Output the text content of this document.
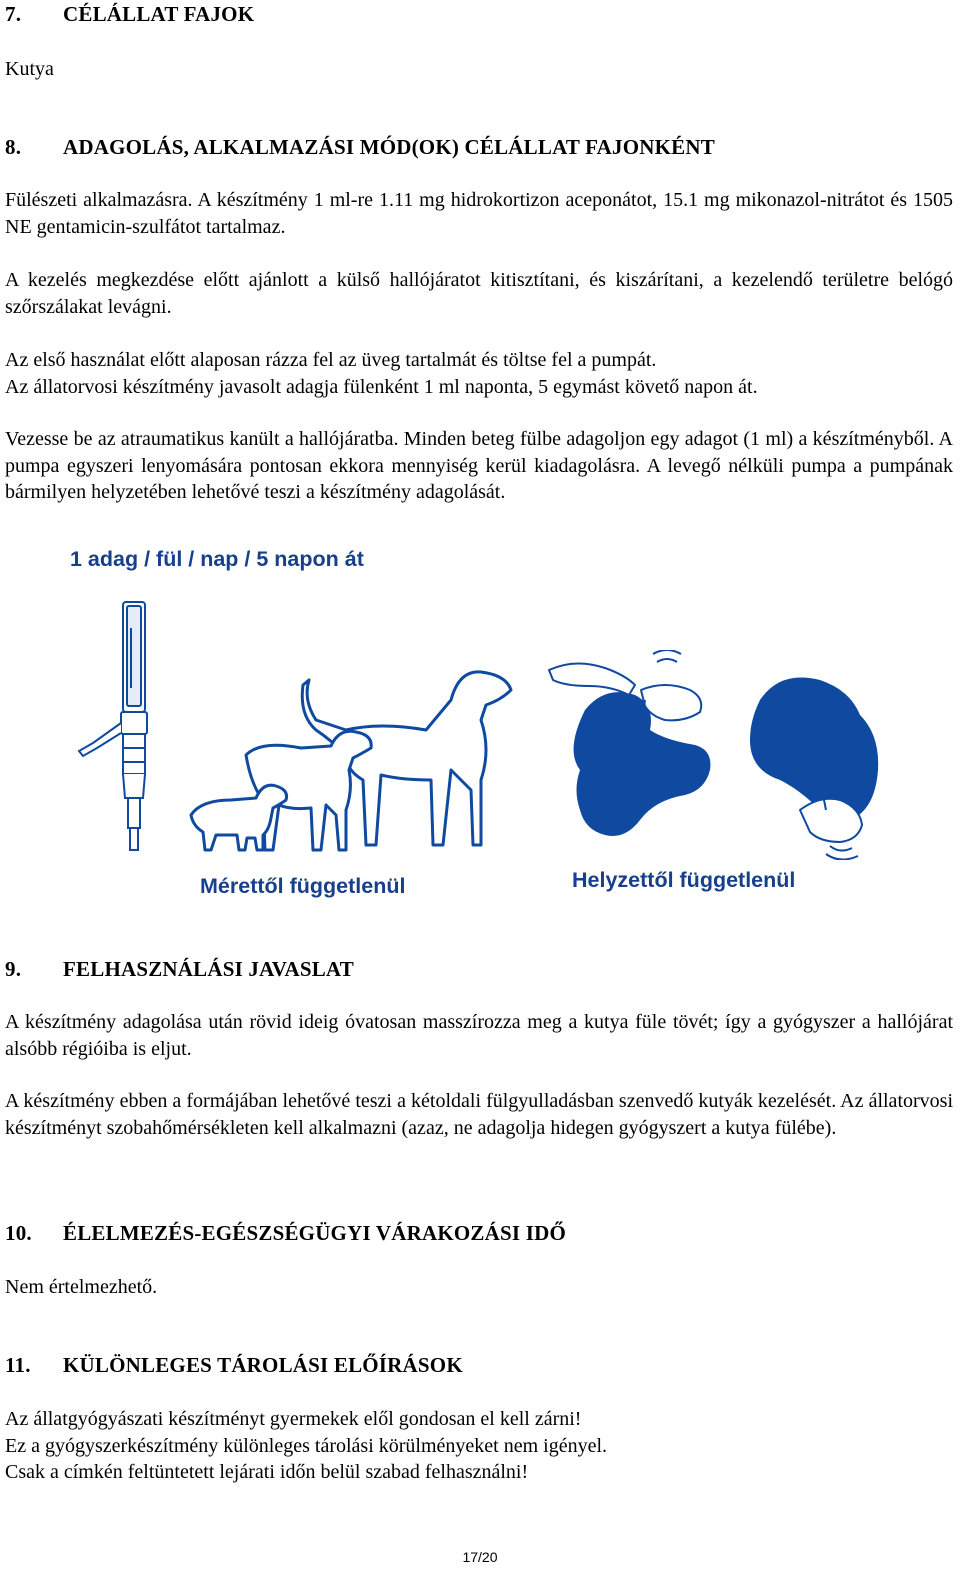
7. CÉLÁLLAT FAJOK
Kutya
8. ADAGOLÁS, ALKALMAZÁSI MÓD(OK) CÉLÁLLAT FAJONKÉNT
Fülészeti alkalmazásra. A készítmény 1 ml-re 1.11 mg hidrokortizon aceponátot, 15.1 mg mikonazol-nitrátot és 1505 NE gentamicin-szulfátot tartalmaz.
A kezelés megkezdése előtt ajánlott a külső hallójáratot kitisztítani, és kiszárítani, a kezelendő területre belógó szőrszálakat levágni.

Az első használat előtt alaposan rázza fel az üveg tartalmát és töltse fel a pumpát.

Az állatorvosi készítmény javasolt adagja fülenként 1 ml naponta, 5 egymást követő napon át.

Vezesse be az atraumatikus kanült a hallójáratba. Minden beteg fülbe adagoljon egy adagot (1 ml) a készítményből. A pumpa egyszeri lenyomására pontosan ekkora mennyiség kerül kiadagolásra. A levegő nélküli pumpa a pumpának bármilyen helyzetében lehetővé teszi a készítmény adagolását.
1 adag / fül / nap / 5 napon át
Mérettől függetlenül	Helyzettől függetlenül
9. FELHASZNÁLÁSI JAVASLAT
A készítmény adagolása után rövid ideig óvatosan masszírozza meg a kutya füle tövét; így a gyógyszer a hallójárat alsóbb régióiba is eljut.
A készítmény ebben a formájában lehetővé teszi a kétoldali fülgyulladásban szenvedő kutyák kezelését. Az állatorvosi készítményt szobahőmérsékleten kell alkalmazni (azaz, ne adagolja hidegen gyógyszert a kutya fülébe).
10. ÉLELMEZÉS-EGÉSZSÉGÜGYI VÁRAKOZÁSI IDŐ
Nem értelmezhető.
11. KÜLÖNLEGES TÁROLÁSI ELŐÍRÁSOK

Az állatgyógyászati készítményt gyermekek elől gondosan el kell zárni!

Ez a gyógyszerkészítmény különleges tárolási körülményeket nem igényel.

Csak a címkén feltüntetett lejárati időn belül szabad felhasználni!

17/20
